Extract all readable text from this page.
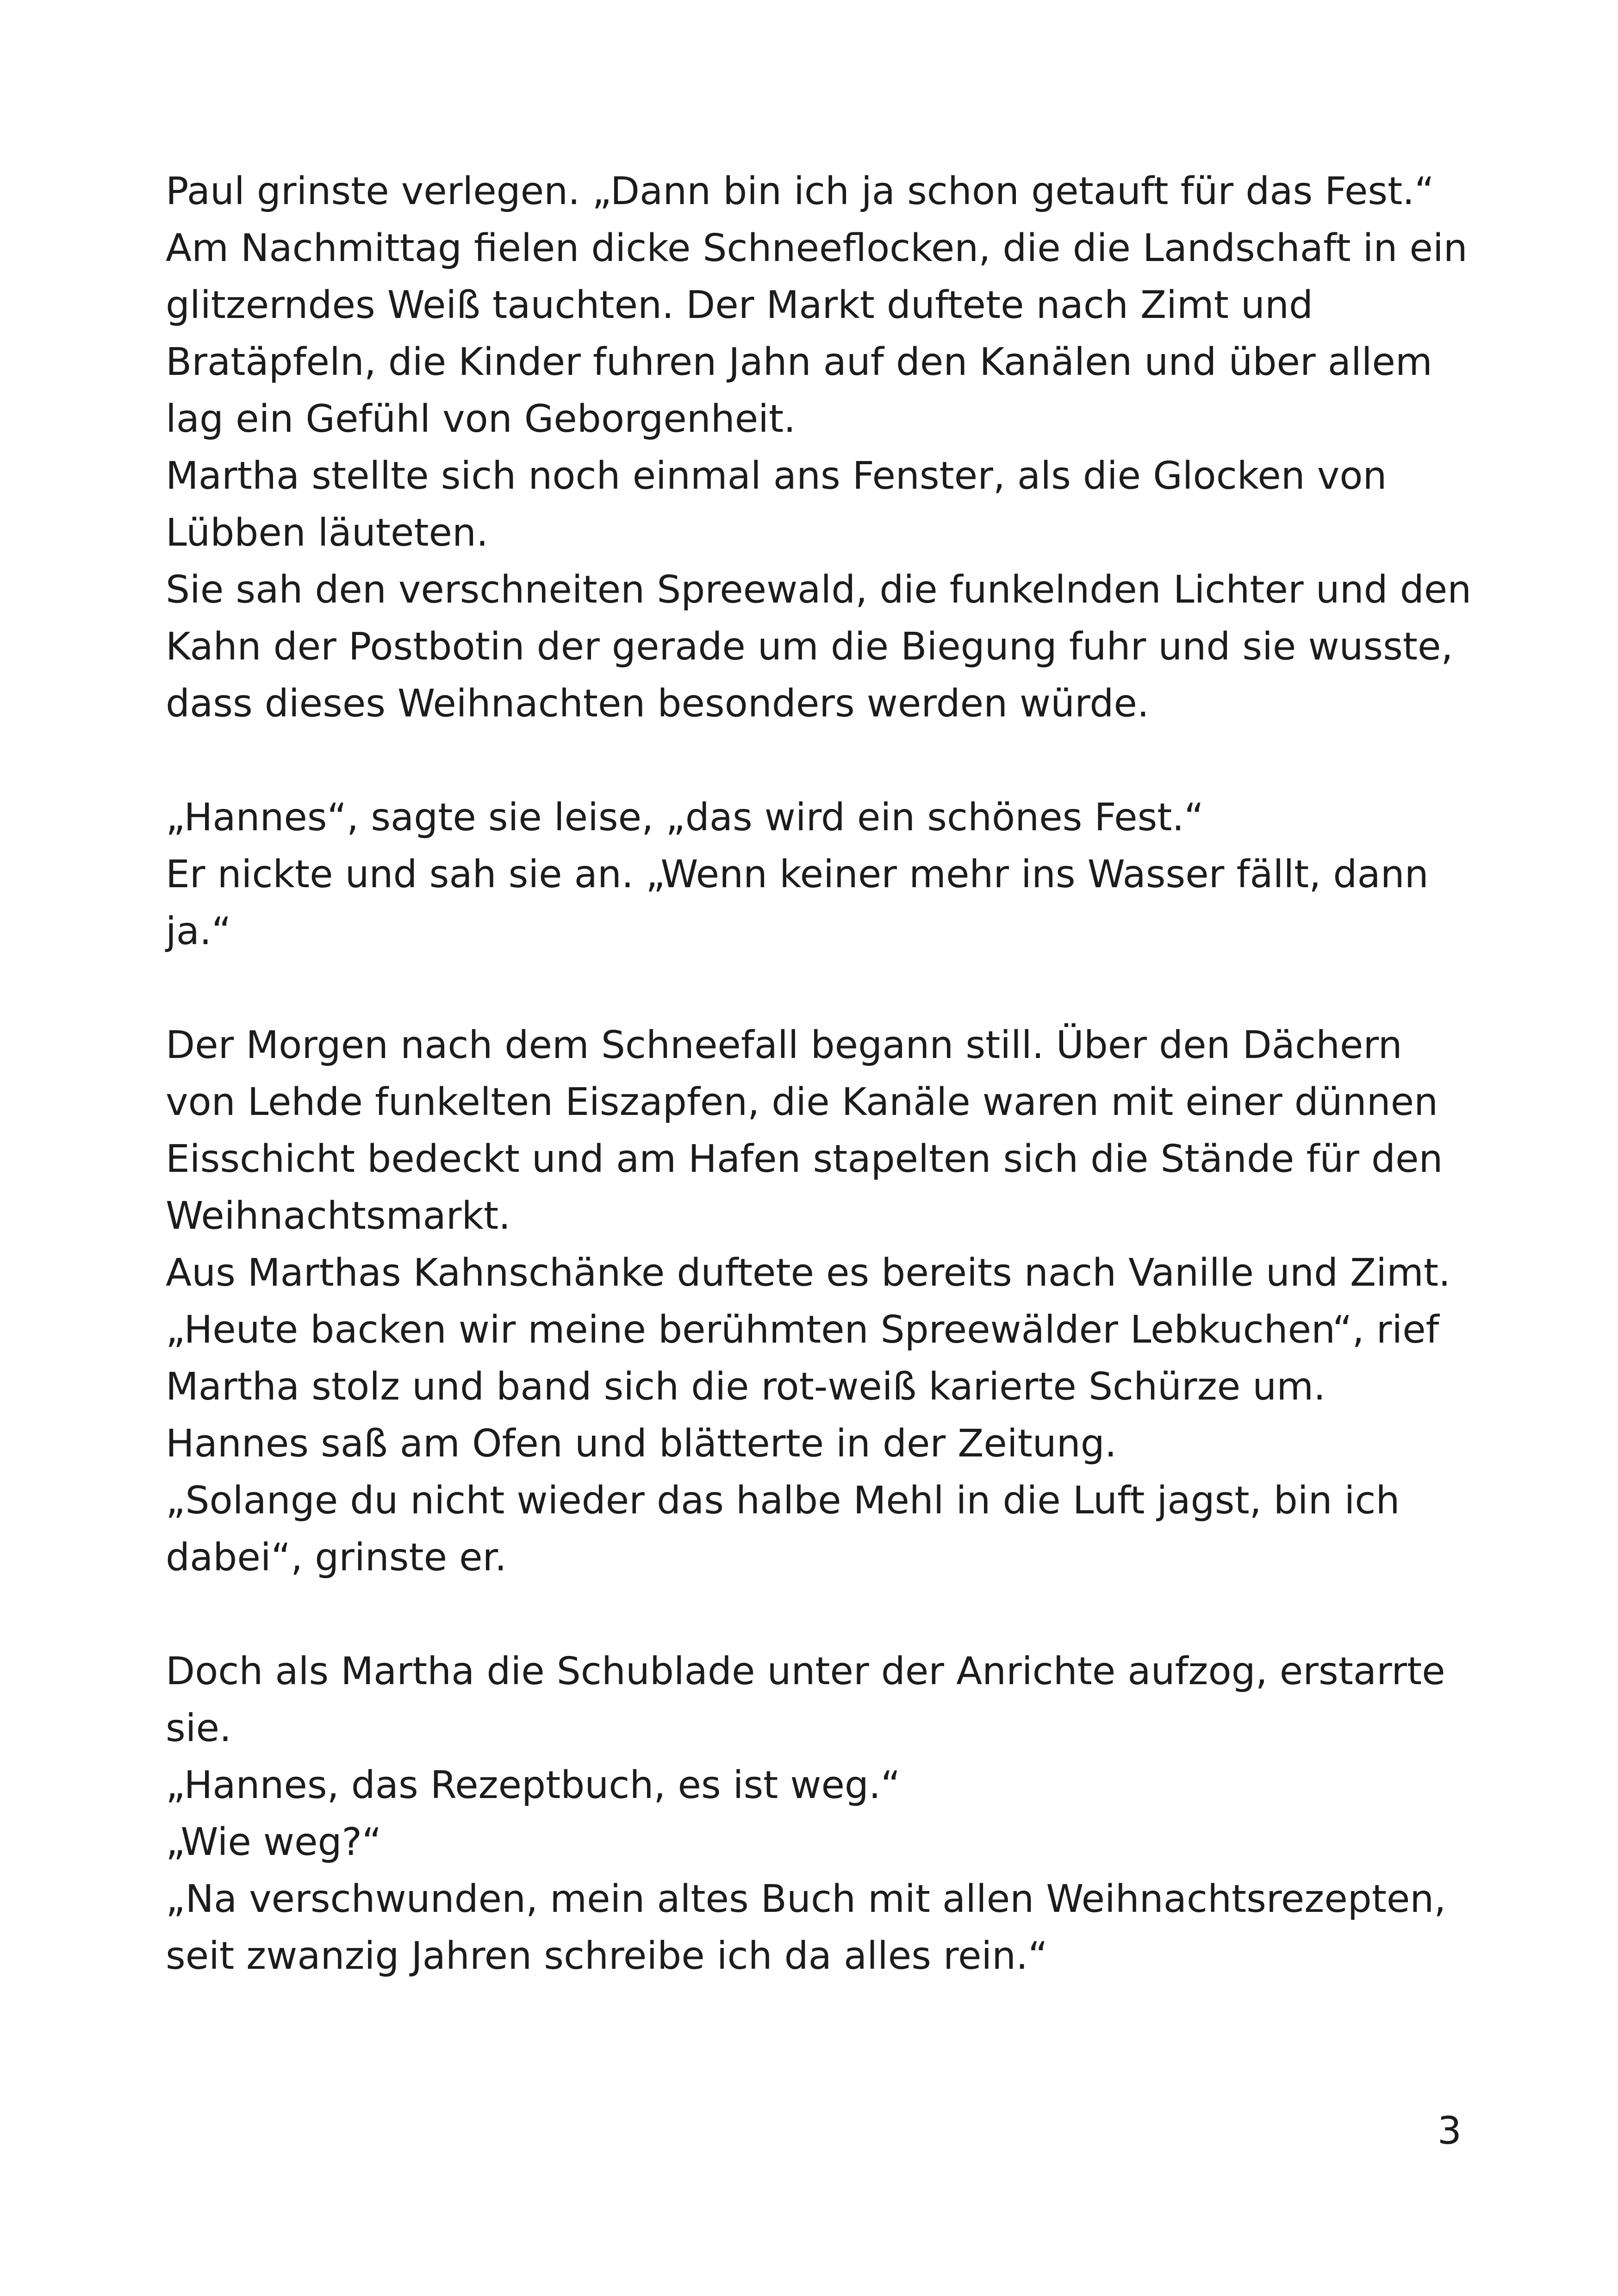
Paul grinste verlegen. „Dann bin ich ja schon getauft für das Fest.“
Am Nachmittag fielen dicke Schneeflocken, die die Landschaft in ein
glitzerndes Weiß tauchten. Der Markt duftete nach Zimt und
Bratäpfeln, die Kinder fuhren Jahn auf den Kanälen und über allem
lag ein Gefühl von Geborgenheit.
Martha stellte sich noch einmal ans Fenster, als die Glocken von
Lübben läuteten.
Sie sah den verschneiten Spreewald, die funkelnden Lichter und den
Kahn der Postbotin der gerade um die Biegung fuhr und sie wusste,
dass dieses Weihnachten besonders werden würde.

„Hannes“, sagte sie leise, „das wird ein schönes Fest.“
Er nickte und sah sie an. „Wenn keiner mehr ins Wasser fällt, dann
ja.“

Der Morgen nach dem Schneefall begann still. Über den Dächern
von Lehde funkelten Eiszapfen, die Kanäle waren mit einer dünnen
Eisschicht bedeckt und am Hafen stapelten sich die Stände für den
Weihnachtsmarkt.
Aus Marthas Kahnschänke duftete es bereits nach Vanille und Zimt.
„Heute backen wir meine berühmten Spreewälder Lebkuchen“, rief
Martha stolz und band sich die rot-weiß karierte Schürze um.
Hannes saß am Ofen und blätterte in der Zeitung.
„Solange du nicht wieder das halbe Mehl in die Luft jagst, bin ich
dabei“, grinste er.

Doch als Martha die Schublade unter der Anrichte aufzog, erstarrte
sie.
„Hannes, das Rezeptbuch, es ist weg.“
„Wie weg?“
„Na verschwunden, mein altes Buch mit allen Weihnachtsrezepten,
seit zwanzig Jahren schreibe ich da alles rein.“

3
